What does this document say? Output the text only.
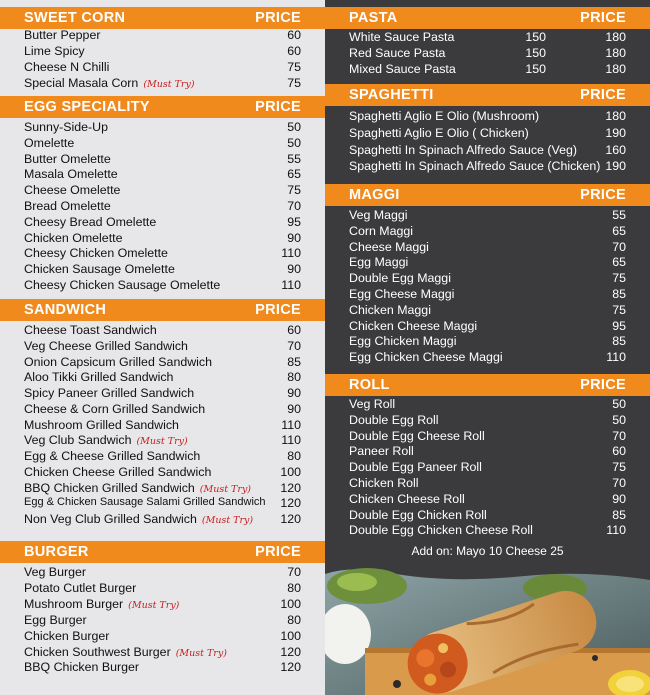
Add on: Mayo 10 Cheese 25
SWEET CORN	PRICE
Butter Pepper	60
Lime Spicy	60
Cheese N Chilli	75
Special Masala Corn (Must Try)	75
EGG SPECIALITY	PRICE
Sunny-Side-Up	50
Omelette	50
Butter Omelette	55
Masala Omelette	65
Cheese Omelette	75
Bread Omelette	70
Cheesy Bread Omelette	95
Chicken Omelette	90
Cheesy Chicken Omelette	110
Chicken Sausage Omelette	90
Cheesy Chicken Sausage Omelette	110
SANDWICH	PRICE
Cheese Toast Sandwich	60
Veg Cheese Grilled Sandwich	70
Onion Capsicum Grilled Sandwich	85
Aloo Tikki Grilled Sandwich	80
Spicy Paneer Grilled Sandwich	90
Cheese & Corn Grilled Sandwich	90
Mushroom Grilled Sandwich	110
Veg Club Sandwich (Must Try)	110
Egg & Cheese Grilled Sandwich	80
Chicken Cheese Grilled Sandwich	100
BBQ Chicken Grilled Sandwich (Must Try) 120
Egg & Chicken Sausage Salami Grilled Sandwich 120
Non Veg Club Grilled Sandwich (Must Try) 120
BURGER	PRICE
Veg Burger	70
Potato Cutlet Burger	80
Mushroom Burger (Must Try)	100
Egg Burger	80
Chicken Burger	100
Chicken Southwest Burger (Must Try)	120
BBQ Chicken Burger	120
PASTA	PRICE
White Sauce Pasta	150	180
Red Sauce Pasta	150	180
Mixed Sauce Pasta	150	180
SPAGHETTI	PRICE
Spaghetti Aglio E Olio (Mushroom)	180
Spaghetti Aglio E Olio ( Chicken)	190
Spaghetti In Spinach Alfredo Sauce (Veg) 160
Spaghetti In Spinach Alfredo Sauce (Chicken) 190
MAGGI	PRICE
Veg Maggi	55
Corn Maggi	65
Cheese Maggi	70
Egg Maggi	65
Double Egg Maggi	75
Egg Cheese Maggi	85
Chicken Maggi	75
Chicken Cheese Maggi	95
Egg Chicken Maggi	85
Egg Chicken Cheese Maggi	110
ROLL	PRICE
Veg Roll	50
Double Egg Roll	50
Double Egg Cheese Roll	70
Paneer Roll	60
Double Egg Paneer Roll	75
Chicken Roll	70
Chicken Cheese Roll	90
Double Egg Chicken Roll	85
Double Egg Chicken Cheese Roll	110
